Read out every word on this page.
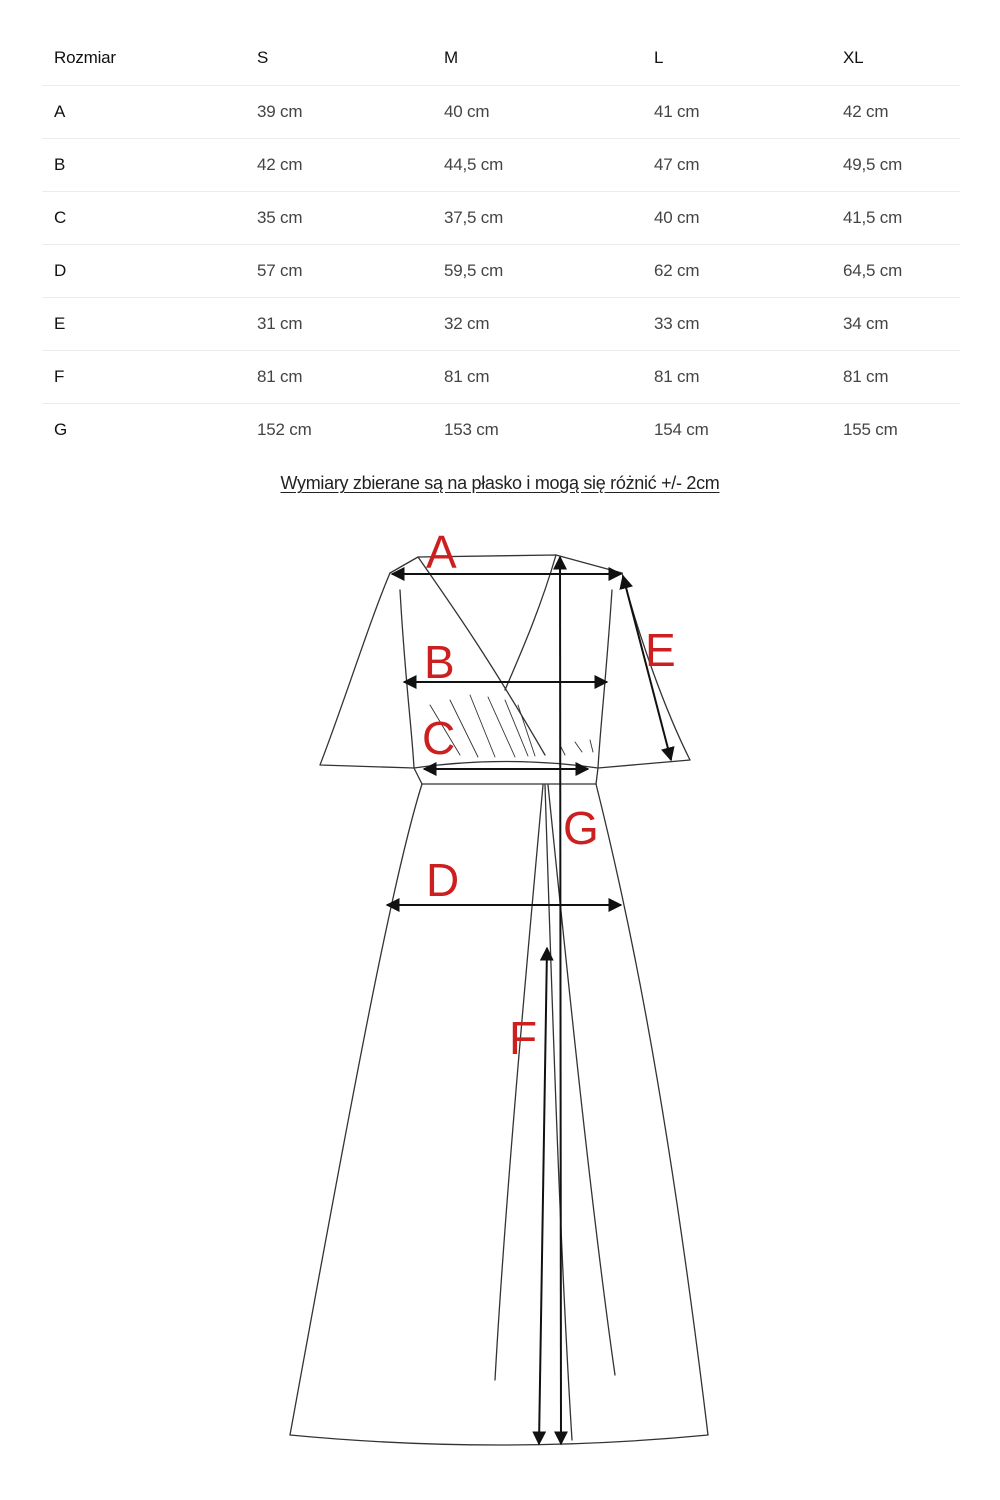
Rozmiar	S	M	L	XL
A	39 cm	40 cm	41 cm	42 cm
B	42 cm	44,5 cm	47 cm	49,5 cm
C	35 cm	37,5 cm	40 cm	41,5 cm
D	57 cm	59,5 cm	62 cm	64,5 cm
E	31 cm	32 cm	33 cm	34 cm
F	81 cm	81 cm	81 cm	81 cm
G	152 cm	153 cm	154 cm	155 cm
Wymiary zbierane są na płasko i mogą się różnić +/- 2cm
A
B
C
D
E
F
G
